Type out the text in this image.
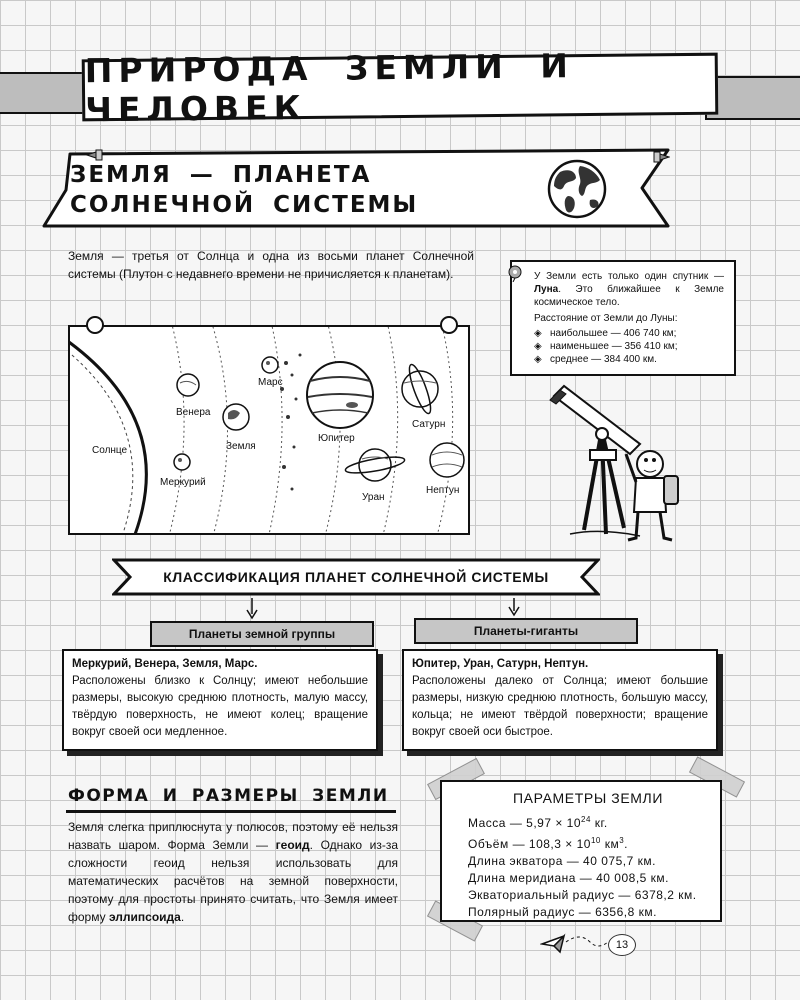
ПРИРОДА ЗЕМЛИ И ЧЕЛОВЕК
ЗЕМЛЯ — ПЛАНЕТА
СОЛНЕЧНОЙ СИСТЕМЫ
Земля — третья от Солнца и одна из восьми планет Солнечной системы (Плутон с недавнего времени не причисляется к планетам).	У Земли есть только один спутник — Луна. Это ближайшее к Земле космическое тело.
Расстояние от Земли до Луны:
◈ наибольшее — 406 740 км;
◈ наименьшее — 356 410 км;
◈ среднее — 384 400 км.
Солнце
Меркурий
Венера
Земля
Марс
Юпитер
Сатурн
Уран
Нептун
КЛАССИФИКАЦИЯ ПЛАНЕТ СОЛНЕЧНОЙ СИСТЕМЫ
Планеты земной группы	Планеты-гиганты
Меркурий, Венера, Земля, Марс.
Расположены близко к Солнцу; имеют небольшие размеры, высокую среднюю плотность, малую массу, твёрдую поверхность, не имеют колец; вращение вокруг своей оси медленное.
Юпитер, Уран, Сатурн, Нептун.
Расположены далеко от Солнца; имеют большие размеры, низкую среднюю плотность, большую массу, кольца; не имеют твёрдой поверхности; вращение вокруг своей оси быстрое.
ФОРМА И РАЗМЕРЫ ЗЕМЛИ
Земля слегка приплюснута у полюсов, поэтому её нельзя назвать шаром. Форма Земли — геоид. Однако из-за сложности геоид нельзя использовать для математических расчётов на земной поверхности, поэтому для простоты принято считать, что Земля имеет форму эллипсоида.
ПАРАМЕТРЫ ЗЕМЛИ
Масса — $5,97 \times 10^{24}$ кг.
Объём — $108,3 \times 10^{10}$ $км^3$.
Длина экватора — 40 075,7 км.
Длина меридиана — 40 008,5 км.
Экваториальный радиус — 6378,2 км.
Полярный радиус — 6356,8 км.
13
